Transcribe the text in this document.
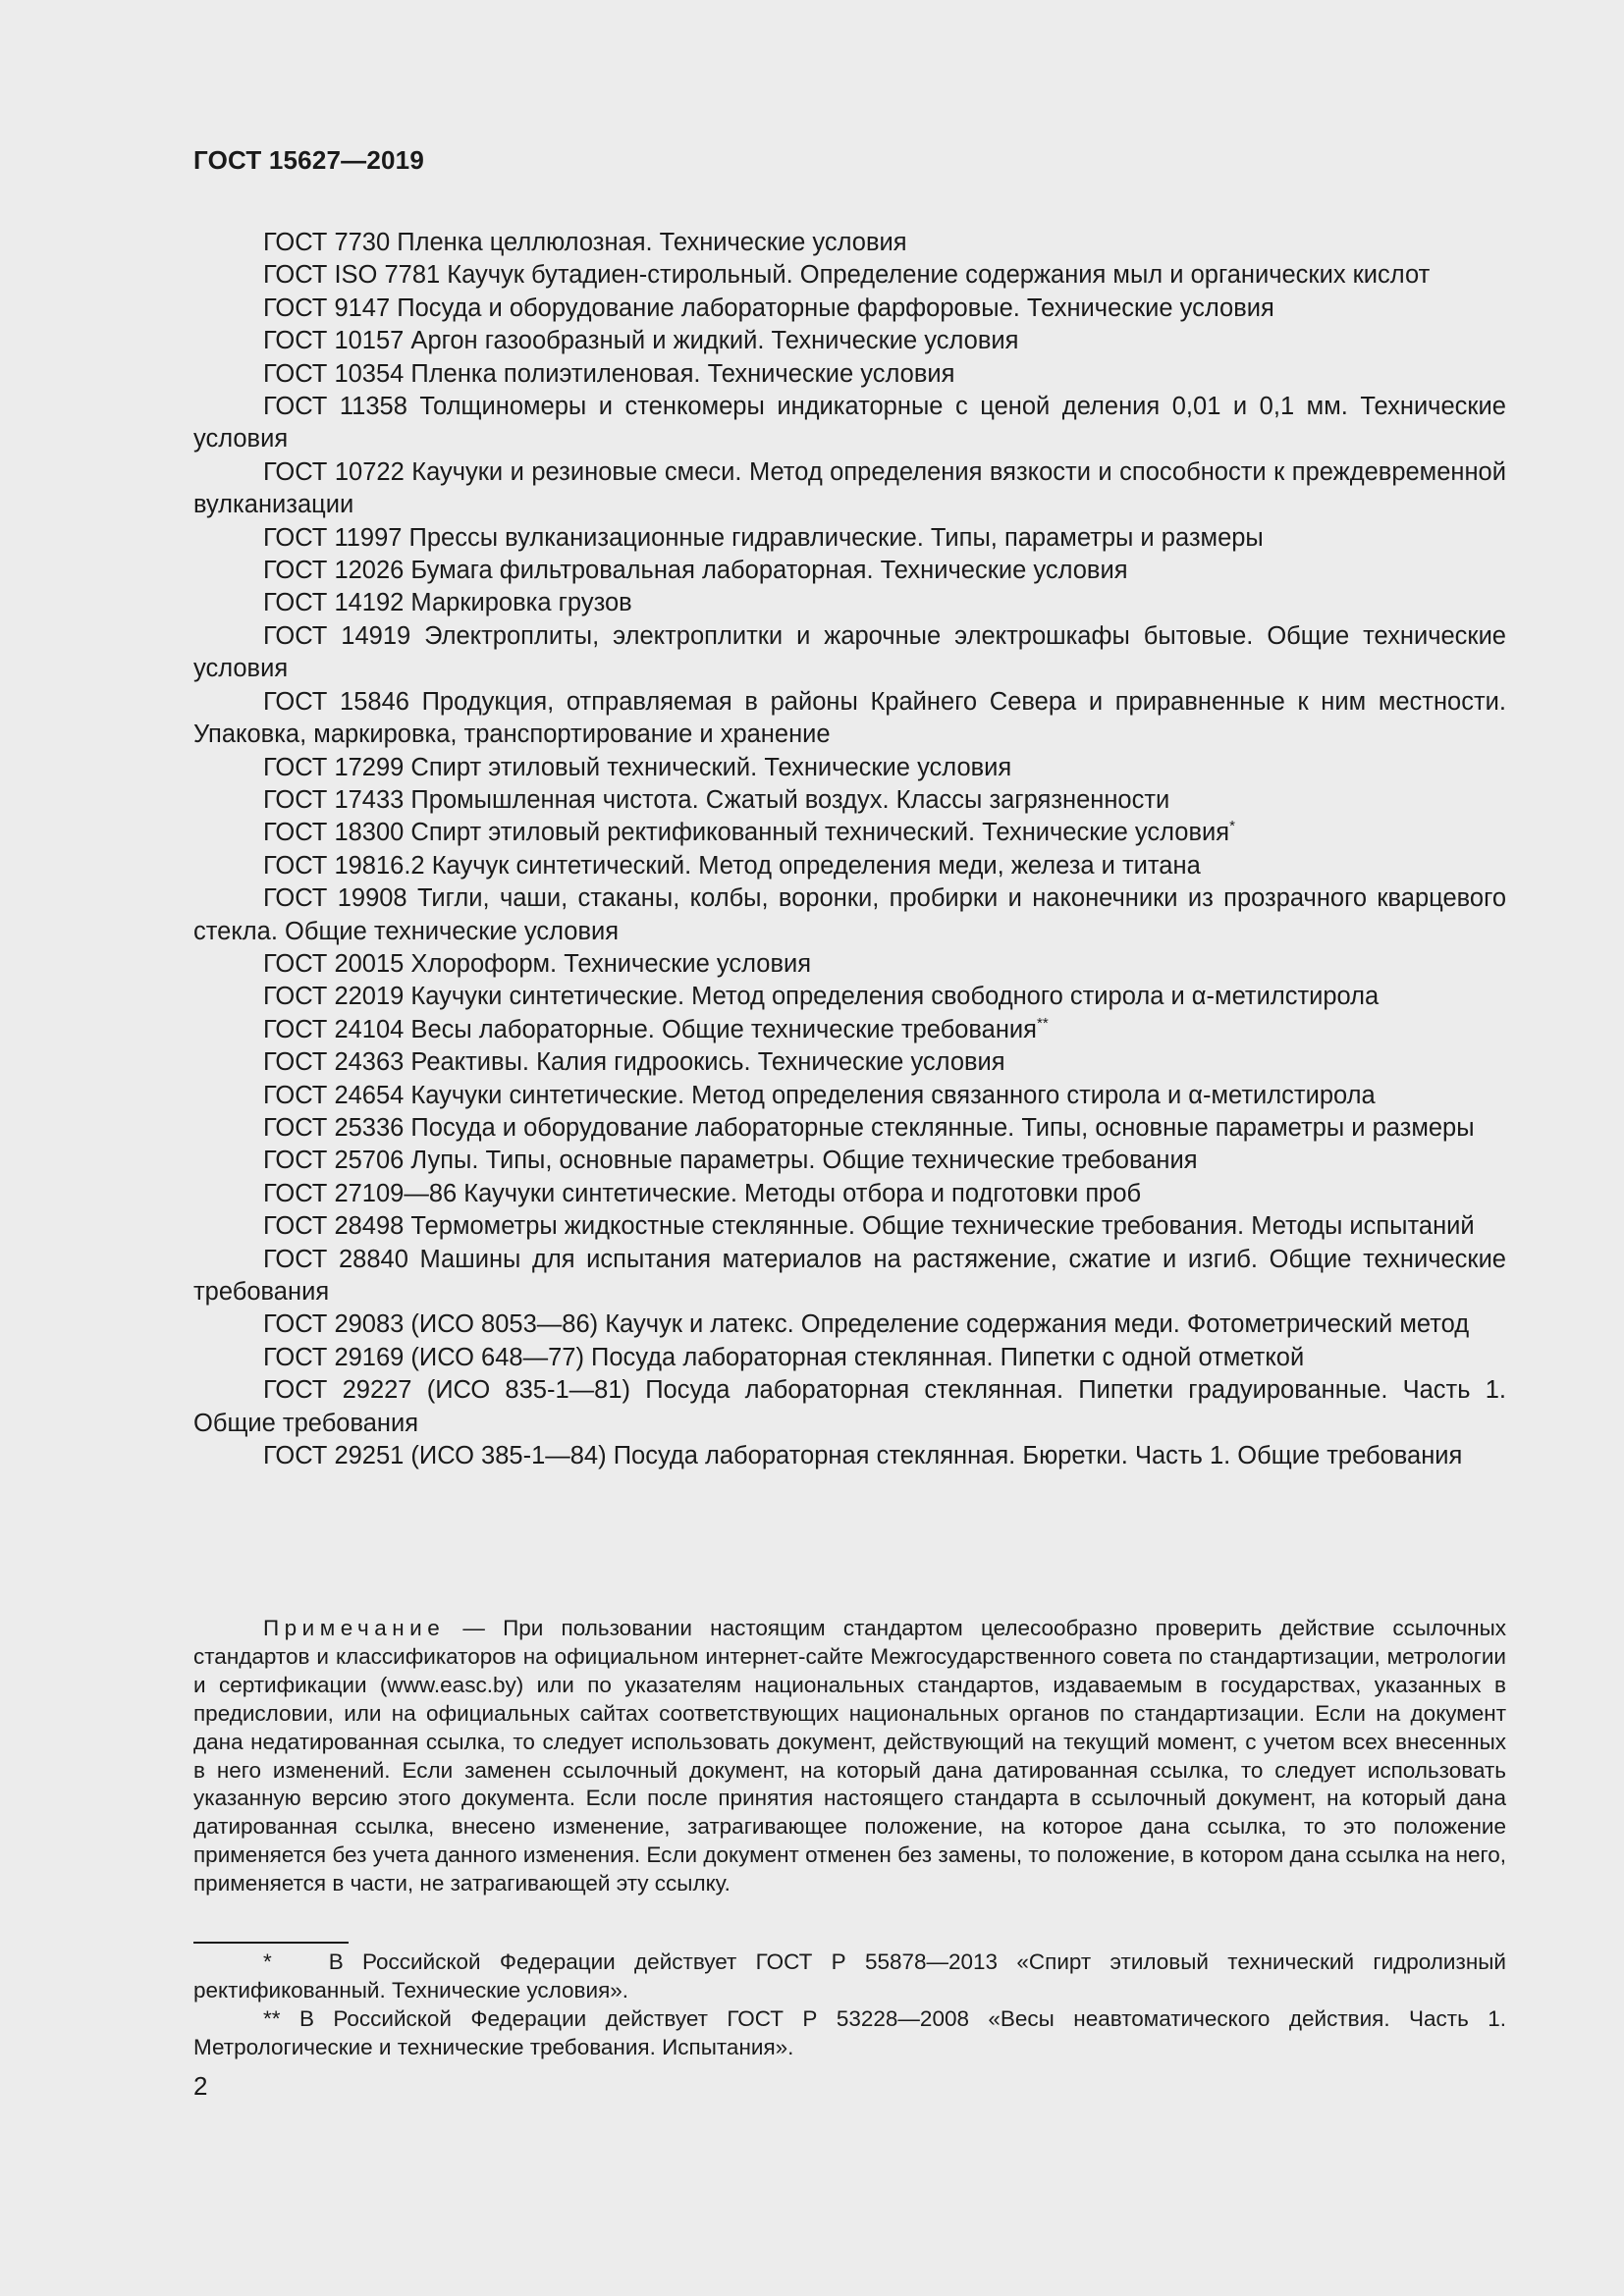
ГОСТ 15627—2019

ГОСТ 7730 Пленка целлюлозная. Технические условия

ГОСТ ISO 7781 Каучук бутадиен-стирольный. Определение содержания мыл и органических кислот

ГОСТ 9147 Посуда и оборудование лабораторные фарфоровые. Технические условия

ГОСТ 10157 Аргон газообразный и жидкий. Технические условия

ГОСТ 10354 Пленка полиэтиленовая. Технические условия

ГОСТ 11358 Толщиномеры и стенкомеры индикаторные с ценой деления 0,01 и 0,1 мм. Технические условия

ГОСТ 10722 Каучуки и резиновые смеси. Метод определения вязкости и способности к преждевременной вулканизации

ГОСТ 11997 Прессы вулканизационные гидравлические. Типы, параметры и размеры

ГОСТ 12026 Бумага фильтровальная лабораторная. Технические условия

ГОСТ 14192 Маркировка грузов

ГОСТ 14919 Электроплиты, электроплитки и жарочные электрошкафы бытовые. Общие технические условия

ГОСТ 15846 Продукция, отправляемая в районы Крайнего Севера и приравненные к ним местности. Упаковка, маркировка, транспортирование и хранение

ГОСТ 17299 Спирт этиловый технический. Технические условия

ГОСТ 17433 Промышленная чистота. Сжатый воздух. Классы загрязненности

ГОСТ 18300 Спирт этиловый ректификованный технический. Технические условия*

ГОСТ 19816.2 Каучук синтетический. Метод определения меди, железа и титана

ГОСТ 19908 Тигли, чаши, стаканы, колбы, воронки, пробирки и наконечники из прозрачного кварцевого стекла. Общие технические условия

ГОСТ 20015 Хлороформ. Технические условия

ГОСТ 22019 Каучуки синтетические. Метод определения свободного стирола и α-метилстирола

ГОСТ 24104 Весы лабораторные. Общие технические требования**

ГОСТ 24363 Реактивы. Калия гидроокись. Технические условия

ГОСТ 24654 Каучуки синтетические. Метод определения связанного стирола и α-метилстирола

ГОСТ 25336 Посуда и оборудование лабораторные стеклянные. Типы, основные параметры и размеры

ГОСТ 25706 Лупы. Типы, основные параметры. Общие технические требования

ГОСТ 27109—86 Каучуки синтетические. Методы отбора и подготовки проб

ГОСТ 28498 Термометры жидкостные стеклянные. Общие технические требования. Методы испытаний

ГОСТ 28840 Машины для испытания материалов на растяжение, сжатие и изгиб. Общие технические требования

ГОСТ 29083 (ИСО 8053—86) Каучук и латекс. Определение содержания меди. Фотометрический метод

ГОСТ 29169 (ИСО 648—77) Посуда лабораторная стеклянная. Пипетки с одной отметкой

ГОСТ 29227 (ИСО 835-1—81) Посуда лабораторная стеклянная. Пипетки градуированные. Часть 1. Общие требования

ГОСТ 29251 (ИСО 385-1—84) Посуда лабораторная стеклянная. Бюретки. Часть 1. Общие требования

Примечание — При пользовании настоящим стандартом целесообразно проверить действие ссылочных стандартов и классификаторов на официальном интернет-сайте Межгосударственного совета по стандартизации, метрологии и сертификации (www.easc.by) или по указателям национальных стандартов, издаваемым в государствах, указанных в предисловии, или на официальных сайтах соответствующих национальных органов по стандартизации. Если на документ дана недатированная ссылка, то следует использовать документ, действующий на текущий момент, с учетом всех внесенных в него изменений. Если заменен ссылочный документ, на который дана датированная ссылка, то следует использовать указанную версию этого документа. Если после принятия настоящего стандарта в ссылочный документ, на который дана датированная ссылка, внесено изменение, затрагивающее положение, на которое дана ссылка, то это положение применяется без учета данного изменения. Если документ отменен без замены, то положение, в котором дана ссылка на него, применяется в части, не затрагивающей эту ссылку.

*	В Российской Федерации действует ГОСТ Р 55878—2013 «Спирт этиловый технический гидролизный ректификованный. Технические условия».

** В Российской Федерации действует ГОСТ Р 53228—2008 «Весы неавтоматического действия. Часть 1. Метрологические и технические требования. Испытания».

2
